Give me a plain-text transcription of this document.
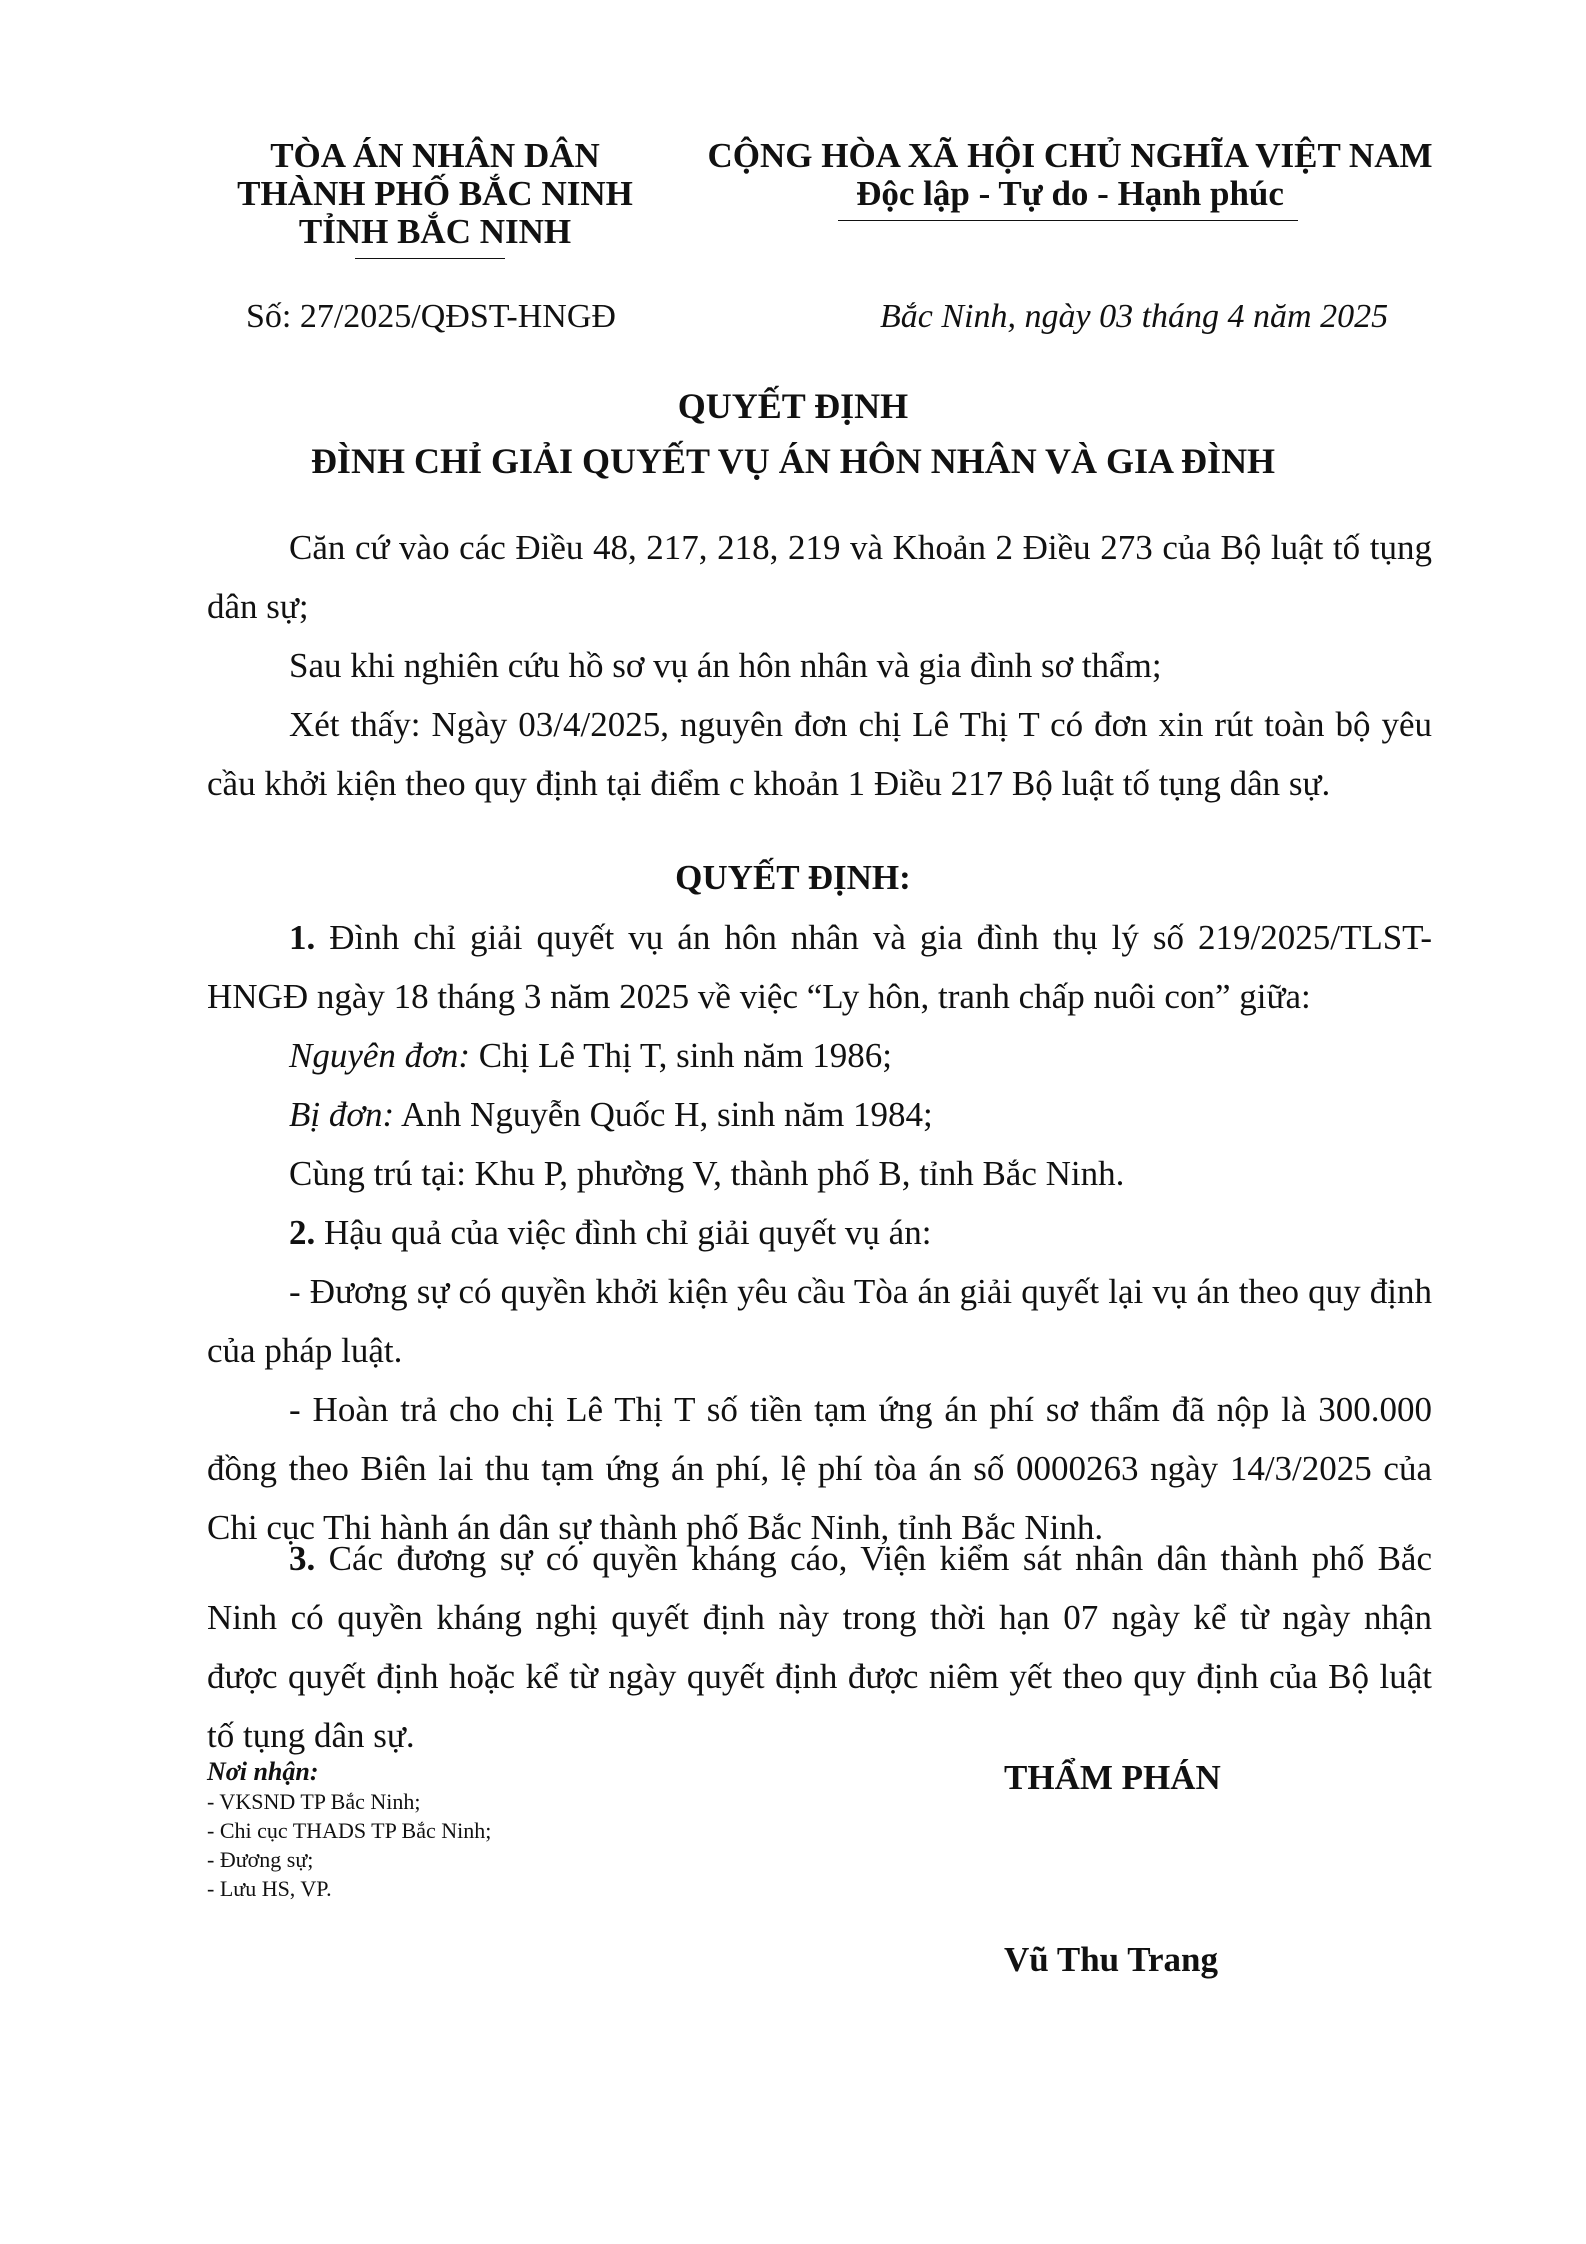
TÒA ÁN NHÂN DÂN
THÀNH PHỐ BẮC NINH
TỈNH BẮC NINH
CỘNG HÒA XÃ HỘI CHỦ NGHĨA VIỆT NAM
Độc lập - Tự do - Hạnh phúc
Số: 27/2025/QĐST-HNGĐ	Bắc Ninh, ngày 03 tháng 4 năm 2025
QUYẾT ĐỊNH
ĐÌNH CHỈ GIẢI QUYẾT VỤ ÁN HÔN NHÂN VÀ GIA ĐÌNH
Căn cứ vào các Điều 48, 217, 218, 219 và Khoản 2 Điều 273 của Bộ luật tố tụng dân sự;
Sau khi nghiên cứu hồ sơ vụ án hôn nhân và gia đình sơ thẩm;
Xét thấy: Ngày 03/4/2025, nguyên đơn chị Lê Thị T có đơn xin rút toàn bộ yêu cầu khởi kiện theo quy định tại điểm c khoản 1 Điều 217 Bộ luật tố tụng dân sự.
QUYẾT ĐỊNH:
1. Đình chỉ giải quyết vụ án hôn nhân và gia đình thụ lý số 219/2025/TLST-HNGĐ ngày 18 tháng 3 năm 2025 về việc “Ly hôn, tranh chấp nuôi con” giữa:
Nguyên đơn: Chị Lê Thị T, sinh năm 1986;
Bị đơn: Anh Nguyễn Quốc H, sinh năm 1984;
Cùng trú tại: Khu P, phường V, thành phố B, tỉnh Bắc Ninh.
2. Hậu quả của việc đình chỉ giải quyết vụ án:
- Đương sự có quyền khởi kiện yêu cầu Tòa án giải quyết lại vụ án theo quy định của pháp luật.
- Hoàn trả cho chị Lê Thị T số tiền tạm ứng án phí sơ thẩm đã nộp là 300.000 đồng theo Biên lai thu tạm ứng án phí, lệ phí tòa án số 0000263 ngày 14/3/2025 của Chi cục Thi hành án dân sự thành phố Bắc Ninh, tỉnh Bắc Ninh.
3. Các đương sự có quyền kháng cáo, Viện kiểm sát nhân dân thành phố Bắc Ninh có quyền kháng nghị quyết định này trong thời hạn 07 ngày kể từ ngày nhận được quyết định hoặc kể từ ngày quyết định được niêm yết theo quy định của Bộ luật tố tụng dân sự.
Nơi nhận:
- VKSND TP Bắc Ninh;
- Chi cục THADS TP Bắc Ninh;
- Đương sự;
- Lưu HS, VP.
THẨM PHÁN
Vũ Thu Trang
